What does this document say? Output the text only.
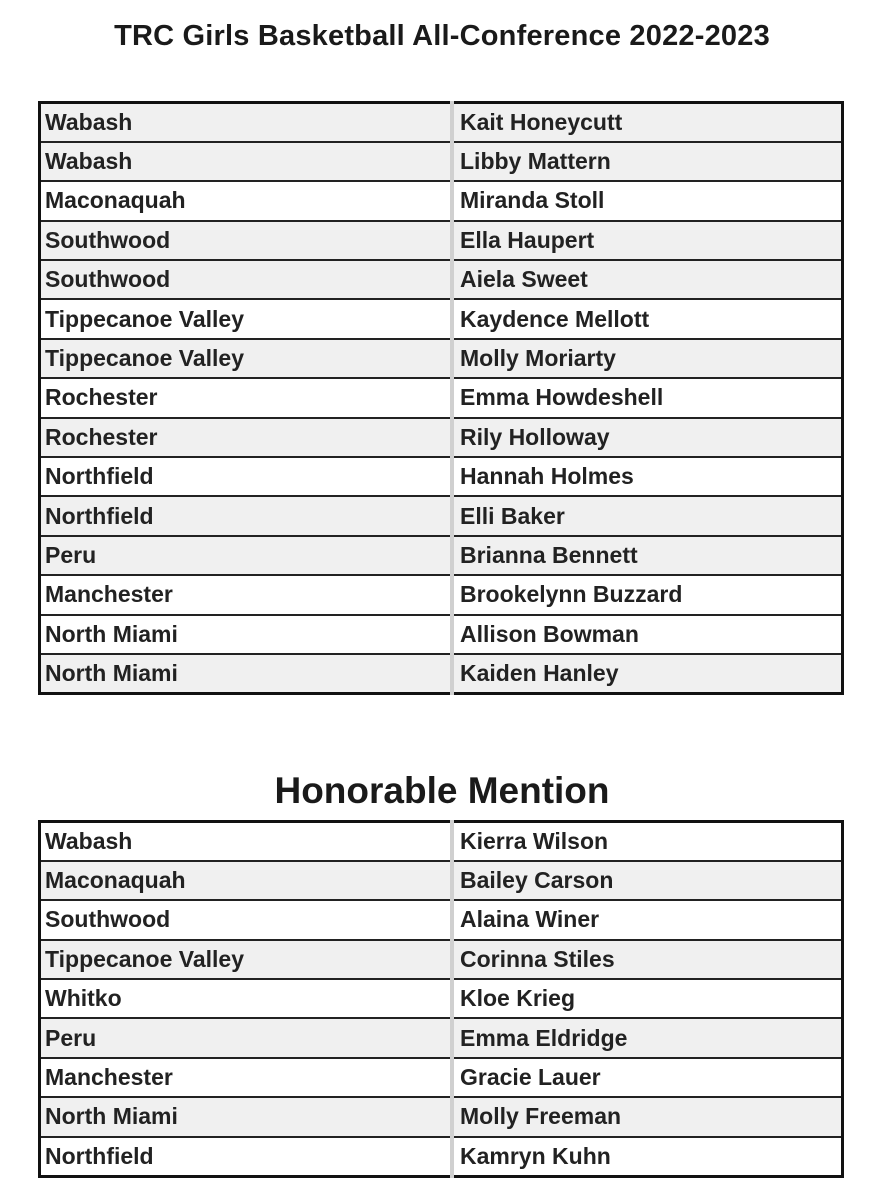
TRC Girls Basketball All-Conference 2022-2023
Wabash	Kait Honeycutt
Wabash	Libby Mattern
Maconaquah	Miranda Stoll
Southwood	Ella Haupert
Southwood	Aiela Sweet
Tippecanoe Valley	Kaydence Mellott
Tippecanoe Valley	Molly Moriarty
Rochester	Emma Howdeshell
Rochester	Rily Holloway
Northfield	Hannah Holmes
Northfield	Elli Baker
Peru	Brianna Bennett
Manchester	Brookelynn Buzzard
North Miami	Allison Bowman
North Miami	Kaiden Hanley
Honorable Mention
Wabash	Kierra Wilson
Maconaquah	Bailey Carson
Southwood	Alaina Winer
Tippecanoe Valley	Corinna Stiles
Whitko	Kloe Krieg
Peru	Emma Eldridge
Manchester	Gracie Lauer
North Miami	Molly Freeman
Northfield	Kamryn Kuhn
